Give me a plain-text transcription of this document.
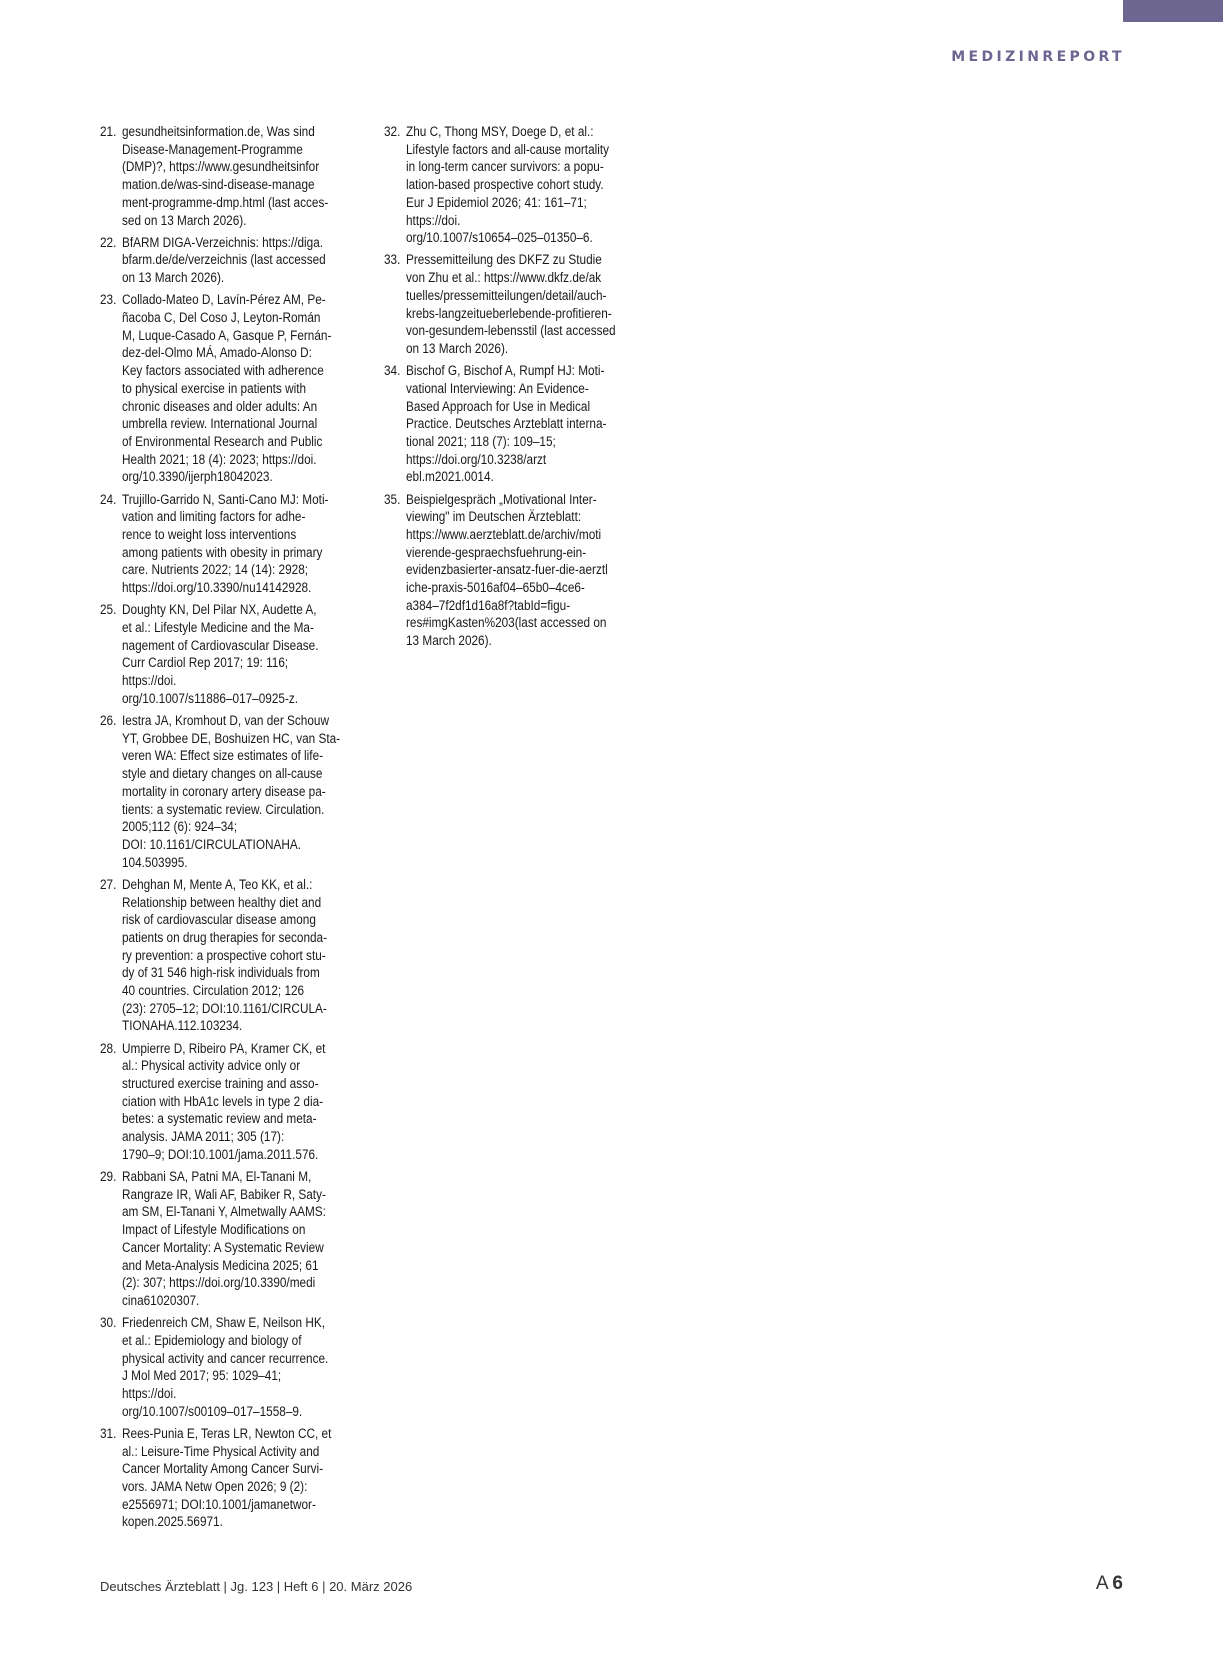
MEDIZINREPORT
21. gesundheitsinformation.de, Was sind
Disease-Management-Programme
(DMP)?, https://www.gesundheitsinfor
mation.de/was-sind-disease-manage
ment-programme-dmp.html (last acces-
sed on 13 March 2026).
22. BfARM DIGA-Verzeichnis: https://diga.
bfarm.de/de/verzeichnis (last accessed
on 13 March 2026).
23. Collado-Mateo D, Lavín-Pérez AM, Pe-
ñacoba C, Del Coso J, Leyton-Román
M, Luque-Casado A, Gasque P, Fernán-
dez-del-Olmo MÁ, Amado-Alonso D:
Key factors associated with adherence
to physical exercise in patients with
chronic diseases and older adults: An
umbrella review. International Journal
of Environmental Research and Public
Health 2021; 18 (4): 2023; https://doi.
org/10.3390/ijerph18042023.
24. Trujillo-Garrido N, Santi-Cano MJ: Moti-
vation and limiting factors for adhe-
rence to weight loss interventions
among patients with obesity in primary
care. Nutrients 2022; 14 (14): 2928;
https://doi.org/10.3390/nu14142928.
25. Doughty KN, Del Pilar NX, Audette A,
et al.: Lifestyle Medicine and the Ma-
nagement of Cardiovascular Disease.
Curr Cardiol Rep 2017; 19: 116;
https://doi.
org/10.1007/s11886–017–0925-z.
26. Iestra JA, Kromhout D, van der Schouw
YT, Grobbee DE, Boshuizen HC, van Sta-
veren WA: Effect size estimates of life-
style and dietary changes on all-cause
mortality in coronary artery disease pa-
tients: a systematic review. Circulation.
2005;112 (6): 924–34;
DOI: 10.1161/CIRCULATIONAHA.
104.503995.
27. Dehghan M, Mente A, Teo KK, et al.:
Relationship between healthy diet and
risk of cardiovascular disease among
patients on drug therapies for seconda-
ry prevention: a prospective cohort stu-
dy of 31 546 high-risk individuals from
40 countries. Circulation 2012; 126
(23): 2705–12; DOI:10.1161/CIRCULA-
TIONAHA.112.103234.
28. Umpierre D, Ribeiro PA, Kramer CK, et
al.: Physical activity advice only or
structured exercise training and asso-
ciation with HbA1c levels in type 2 dia-
betes: a systematic review and meta-
analysis. JAMA 2011; 305 (17):
1790–9; DOI:10.1001/jama.2011.576.
29. Rabbani SA, Patni MA, El-Tanani M,
Rangraze IR, Wali AF, Babiker R, Saty-
am SM, El-Tanani Y, Almetwally AAMS:
Impact of Lifestyle Modifications on
Cancer Mortality: A Systematic Review
and Meta-Analysis Medicina 2025; 61
(2): 307; https://doi.org/10.3390/medi
cina61020307.
30. Friedenreich CM, Shaw E, Neilson HK,
et al.: Epidemiology and biology of
physical activity and cancer recurrence.
J Mol Med 2017; 95: 1029–41;
https://doi.
org/10.1007/s00109–017–1558–9.
31. Rees-Punia E, Teras LR, Newton CC, et
al.: Leisure-Time Physical Activity and
Cancer Mortality Among Cancer Survi-
vors. JAMA Netw Open 2026; 9 (2):
e2556971; DOI:10.1001/jamanetwor-
kopen.2025.56971.
32. Zhu C, Thong MSY, Doege D, et al.:
Lifestyle factors and all-cause mortality
in long-term cancer survivors: a popu-
lation-based prospective cohort study.
Eur J Epidemiol 2026; 41: 161–71;
https://doi.
org/10.1007/s10654–025–01350–6.
33. Pressemitteilung des DKFZ zu Studie
von Zhu et al.: https://www.dkfz.de/ak
tuelles/pressemitteilungen/detail/auch-
krebs-langzeitueberlebende-profitieren-
von-gesundem-lebensstil (last accessed
on 13 March 2026).
34. Bischof G, Bischof A, Rumpf HJ: Moti-
vational Interviewing: An Evidence-
Based Approach for Use in Medical
Practice. Deutsches Arzteblatt interna-
tional 2021; 118 (7): 109–15;
https://doi.org/10.3238/arzt
ebl.m2021.0014.
35. Beispielgespräch „Motivational Inter-
viewing" im Deutschen Ärzteblatt:
https://www.aerzteblatt.de/archiv/moti
vierende-gespraechsfuehrung-ein-
evidenzbasierter-ansatz-fuer-die-aerztl
iche-praxis-5016af04–65b0–4ce6-
a384–7f2df1d16a8f?tabId=figu-
res#imgKasten%203(last accessed on
13 March 2026).
Deutsches Ärzteblatt | Jg. 123 | Heft 6 | 20. März 2026	A  6
